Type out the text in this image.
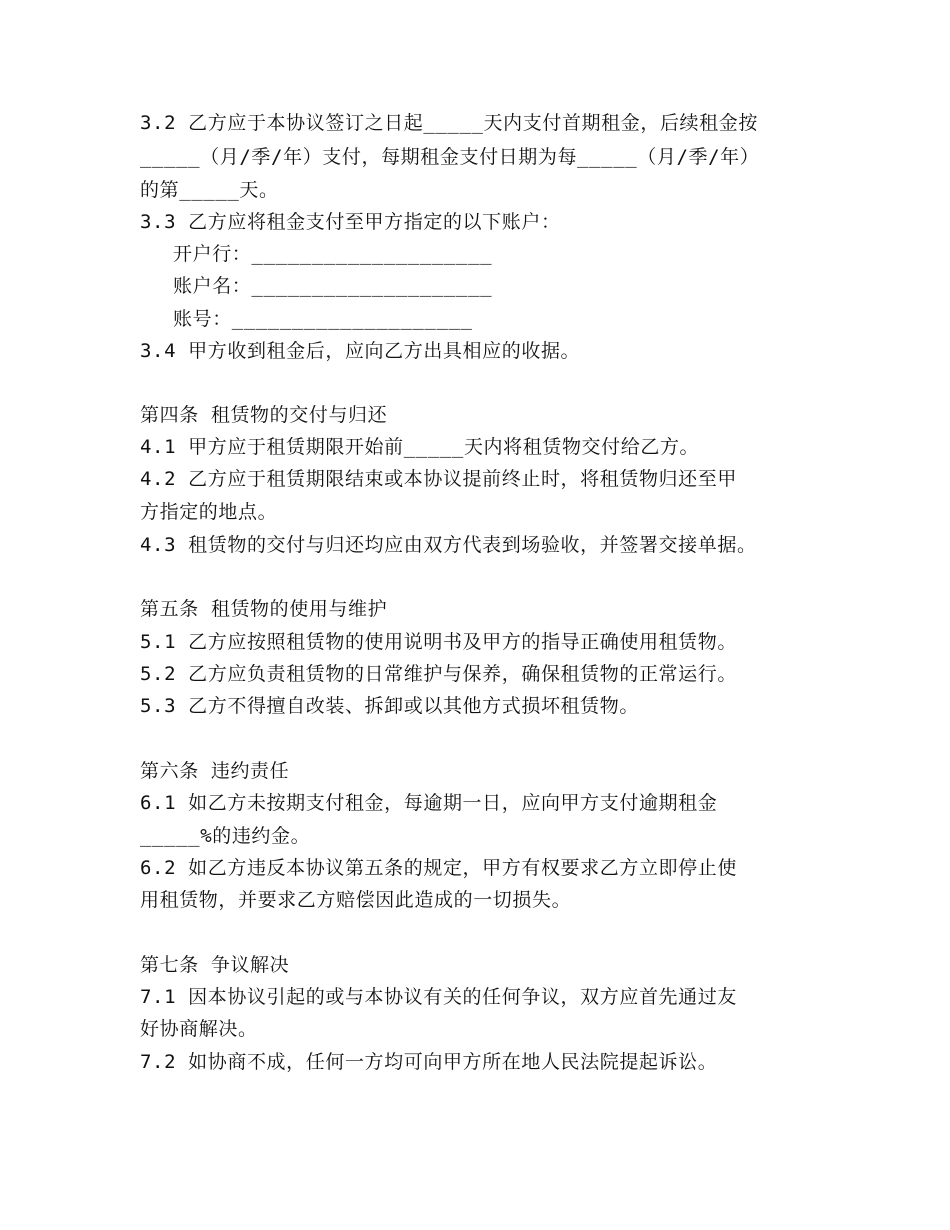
3.2 乙方应于本协议签订之日起_____天内支付首期租金，后续租金按
_____（月/季/年）支付，每期租金支付日期为每_____（月/季/年）
的第_____天。
3.3 乙方应将租金支付至甲方指定的以下账户：
开户行：____________________
账户名：____________________
账号：____________________
3.4 甲方收到租金后，应向乙方出具相应的收据。
第四条 租赁物的交付与归还
4.1 甲方应于租赁期限开始前_____天内将租赁物交付给乙方。
4.2 乙方应于租赁期限结束或本协议提前终止时，将租赁物归还至甲
方指定的地点。
4.3 租赁物的交付与归还均应由双方代表到场验收，并签署交接单据。
第五条 租赁物的使用与维护
5.1 乙方应按照租赁物的使用说明书及甲方的指导正确使用租赁物。
5.2 乙方应负责租赁物的日常维护与保养，确保租赁物的正常运行。
5.3 乙方不得擅自改装、拆卸或以其他方式损坏租赁物。
第六条 违约责任
6.1 如乙方未按期支付租金，每逾期一日，应向甲方支付逾期租金
_____%的违约金。
6.2 如乙方违反本协议第五条的规定，甲方有权要求乙方立即停止使
用租赁物，并要求乙方赔偿因此造成的一切损失。
第七条 争议解决
7.1 因本协议引起的或与本协议有关的任何争议，双方应首先通过友
好协商解决。
7.2 如协商不成，任何一方均可向甲方所在地人民法院提起诉讼。
